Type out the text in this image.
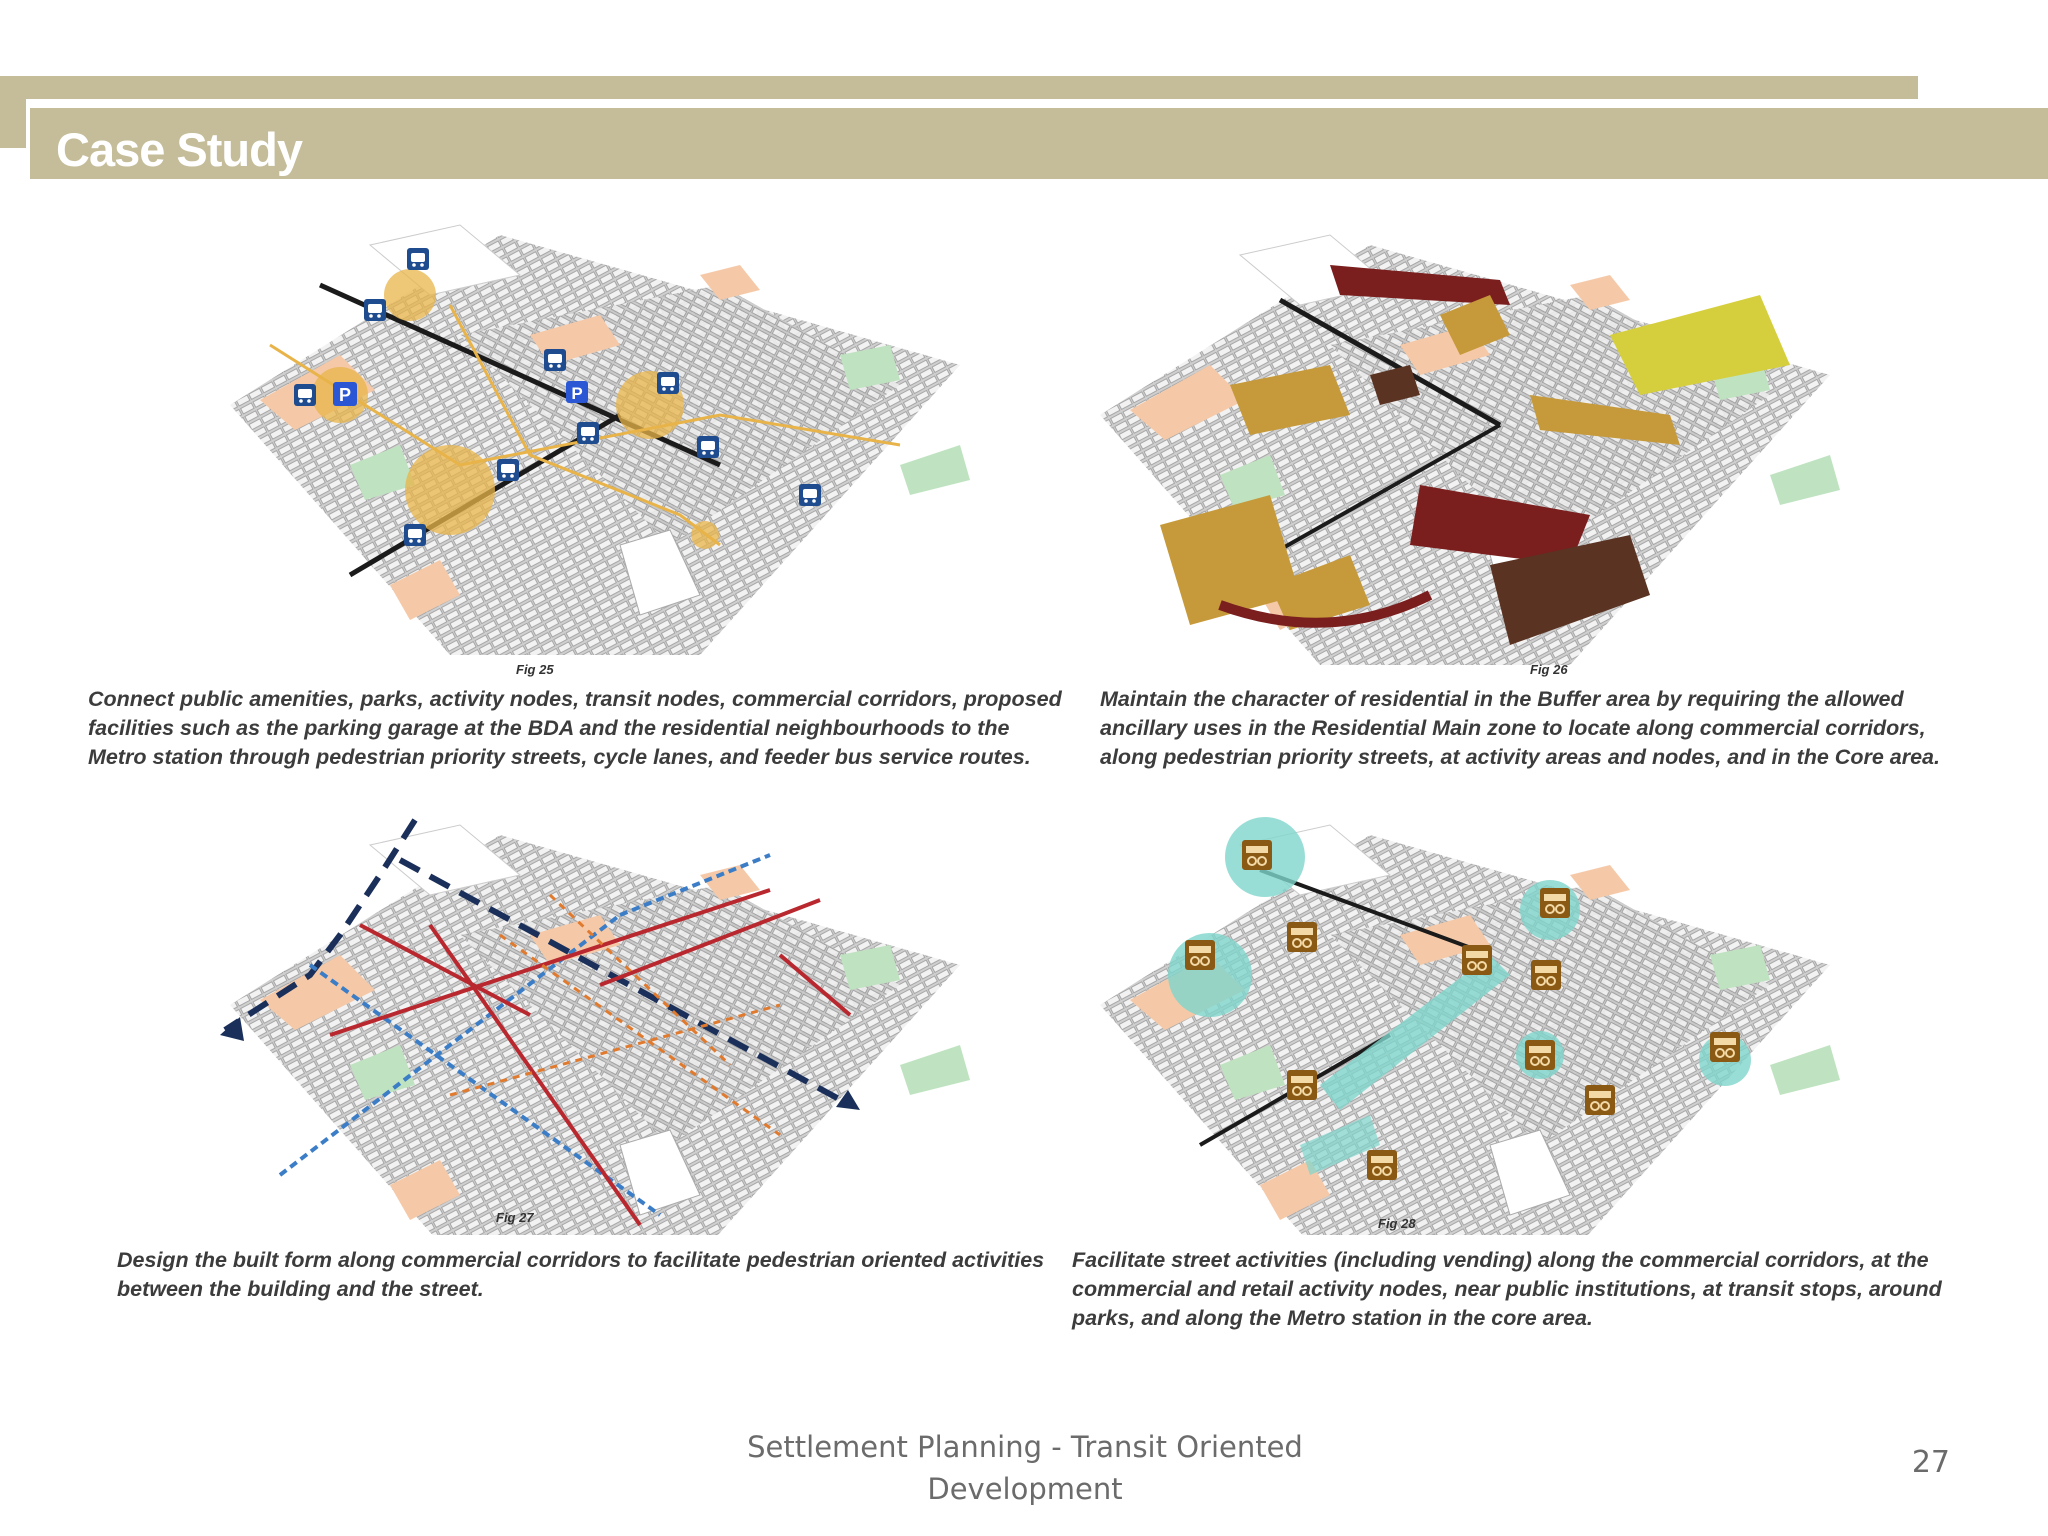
Case Study
P	P
Fig 25
Connect public amenities, parks, activity nodes, transit nodes, commercial corridors, proposed facilities such as the parking garage at the BDA and the residential neighbourhoods to the Metro station through pedestrian priority streets, cycle lanes, and feeder bus service routes.
Fig 26
Maintain the character of residential in the Buffer area by requiring the allowed ancillary uses in the Residential Main zone to locate along commercial corridors, along pedestrian priority streets, at activity areas and nodes, and in the Core area.
Fig 27
Design the built form along commercial corridors to facilitate pedestrian oriented activities between the building and the street.
Fig 28
Facilitate street activities (including vending) along the commercial corridors, at the commercial and retail activity nodes, near public institutions, at transit stops, around parks, and along the Metro station in the core area.
Settlement Planning - Transit Oriented
Development
27
